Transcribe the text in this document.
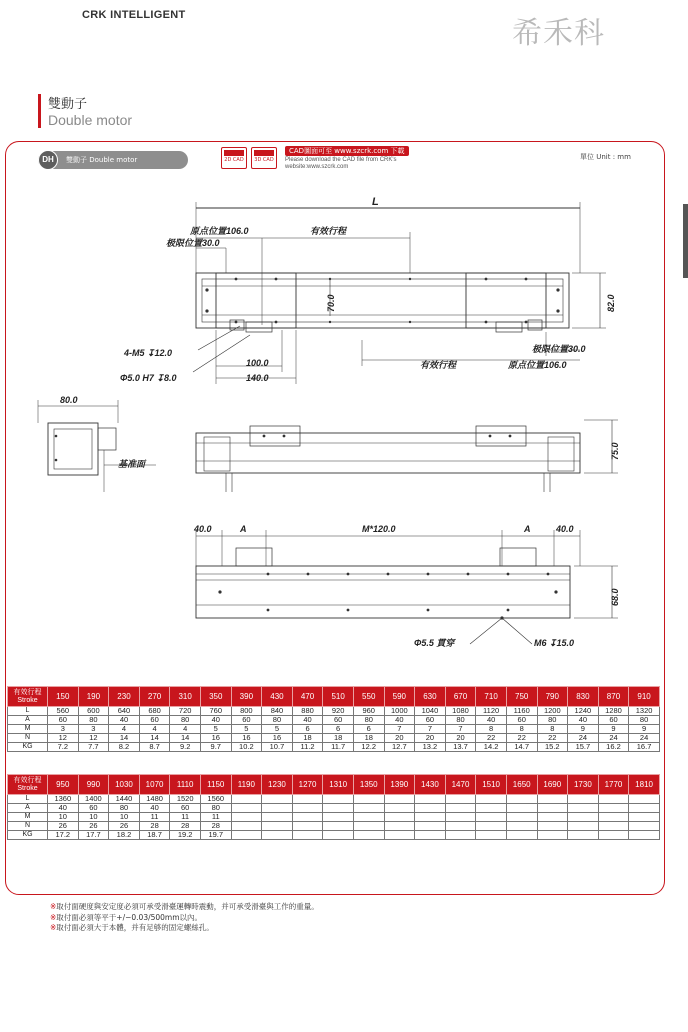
CRK INTELLIGENT
希禾科
雙動子
Double motor
DH	雙動子 Double motor	2D CAD	3D CAD
CAD圖面可至 www.szcrk.com 下載
Please download the CAD file from CRK's
website:www.szcrk.com
單位 Unit : mm
L
原点位置106.0	有效行程
极限位置30.0
70.0	82.0
4-M5 ↧12.0
Φ5.0 H7 ↧8.0
100.0
140.0
极限位置30.0
有效行程	原点位置106.0
80.0
基准面
75.0
40.0	A	M*120.0	A	40.0
68.0
Φ5.5 貫穿	M6 ↧15.0
有效行程
Stroke	150	190	230	270	310	350	390	430	470	510	550	590	630	670	710	750	790	830	870	910
L	560	600	640	680	720	760	800	840	880	920	960	1000	1040	1080	1120	1160	1200	1240	1280	1320
A	60	80	40	60	80	40	60	80	40	60	80	40	60	80	40	60	80	40	60	80
M	3	3	4	4	4	5	5	5	6	6	6	7	7	7	8	8	8	9	9	9
N	12	12	14	14	14	16	16	16	18	18	18	20	20	20	22	22	22	24	24	24
KG	7.2	7.7	8.2	8.7	9.2	9.7	10.2	10.7	11.2	11.7	12.2	12.7	13.2	13.7	14.2	14.7	15.2	15.7	16.2	16.7
有效行程
Stroke	950	990	1030	1070	1110	1150	1190	1230	1270	1310	1350	1390	1430	1470	1510	1650	1690	1730	1770	1810
L	1360	1400	1440	1480	1520	1560														
A	40	60	80	40	60	80														
M	10	10	10	11	11	11														
N	26	26	26	28	28	28														
KG	17.2	17.7	18.2	18.7	19.2	19.7														
※取付面硬度與安定度必須可承受滑臺運轉時震動，并可承受滑臺與工作的重量。
※取付面必須等平于+/−0.03/500mm以內。
※取付面必須大于本體，并有足够的固定螺絲孔。
